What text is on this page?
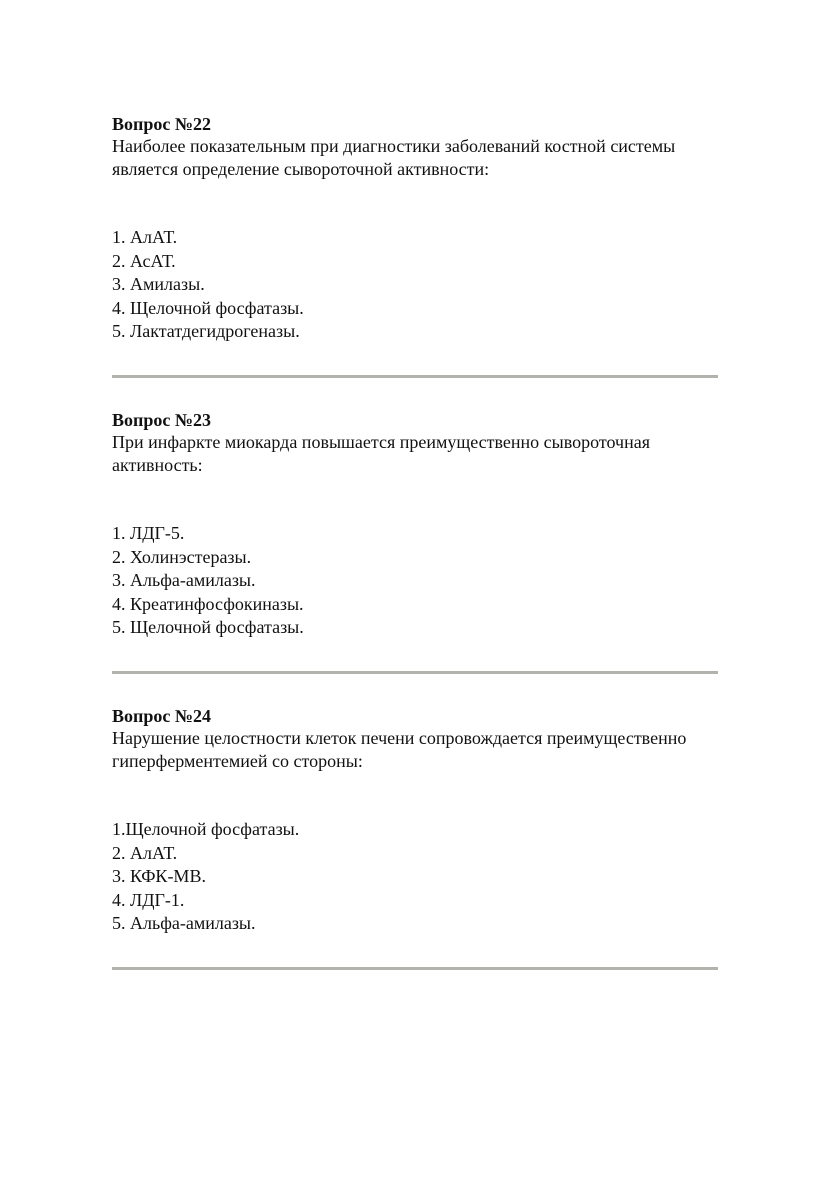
Вопрос №22

Наиболее показательным при диагностики заболеваний костной системы является определение сывороточной активности:

1. АлАТ.
2. АсАТ.
3. Амилазы.
4. Щелочной фосфатазы.
5. Лактатдегидрогеназы.

Вопрос №23

При инфаркте миокарда повышается преимущественно сывороточная активность:

1. ЛДГ-5.
2. Холинэстеразы.
3. Альфа-амилазы.
4. Креатинфосфокиназы.
5. Щелочной фосфатазы.

Вопрос №24

Нарушение целостности клеток печени сопровождается преимущественно гиперферментемией со стороны:

1.Щелочной фосфатазы.
2. АлАТ.
3. КФК-МВ.
4. ЛДГ-1.
5. Альфа-амилазы.
